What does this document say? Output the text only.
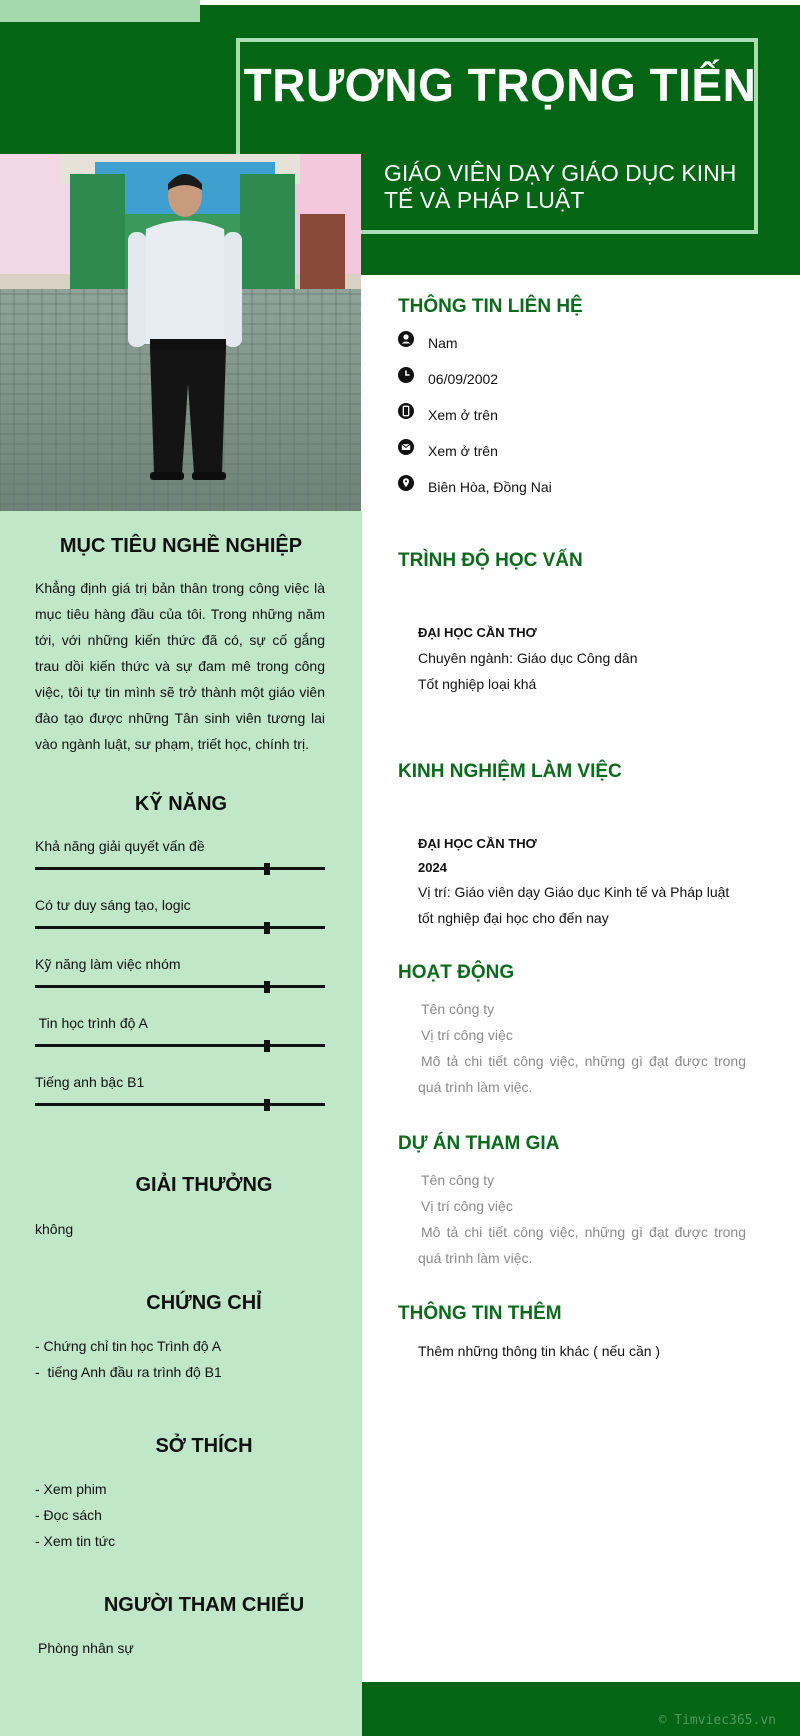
TRƯƠNG TRỌNG TIẾN
GIÁO VIÊN DẠY GIÁO DỤC KINH TẾ VÀ PHÁP LUẬT
MỤC TIÊU NGHỀ NGHIỆP
Khẳng định giá trị bản thân trong công việc là mục tiêu hàng đầu của tôi. Trong những năm tới, với những kiến thức đã có, sự cố gắng trau dồi kiến thức và sự đam mê trong công việc, tôi tự tin mình sẽ trở thành một giáo viên đào tạo được những Tân sinh viên tương lai vào ngành luật, sư phạm, triết học, chính trị.
KỸ NĂNG
Khả năng giải quyết vấn đề
Có tư duy sáng tạo, logic
Kỹ năng làm việc nhóm
Tin học trình độ A
Tiếng anh bậc B1
GIẢI THƯỞNG
không
CHỨNG CHỈ
- Chứng chỉ tin học Trình độ A
-  tiếng Anh đầu ra trình độ B1
SỞ THÍCH
- Xem phim
- Đọc sách
- Xem tin tức
NGƯỜI THAM CHIẾU
Phòng nhân sự
THÔNG TIN LIÊN HỆ
Nam
06/09/2002
Xem ở trên
Xem ở trên
Biên Hòa, Đồng Nai
TRÌNH ĐỘ HỌC VẤN
ĐẠI HỌC CẦN THƠ
Chuyên ngành: Giáo dục Công dân
Tốt nghiệp loại khá
KINH NGHIỆM LÀM VIỆC
ĐẠI HỌC CẦN THƠ
2024
Vị trí: Giáo viên dạy Giáo dục Kinh tế và Pháp luật
tốt nghiệp đại học cho đến nay
HOẠT ĐỘNG
Tên công ty
Vị trí công việc
Mô tả chi tiết công việc, những gì đạt được trong quá trình làm việc.
DỰ ÁN THAM GIA
Tên công ty
Vị trí công việc
Mô tả chi tiết công việc, những gì đạt được trong quá trình làm việc.
THÔNG TIN THÊM
Thêm những thông tin khác ( nếu cần )
© Timviec365.vn
